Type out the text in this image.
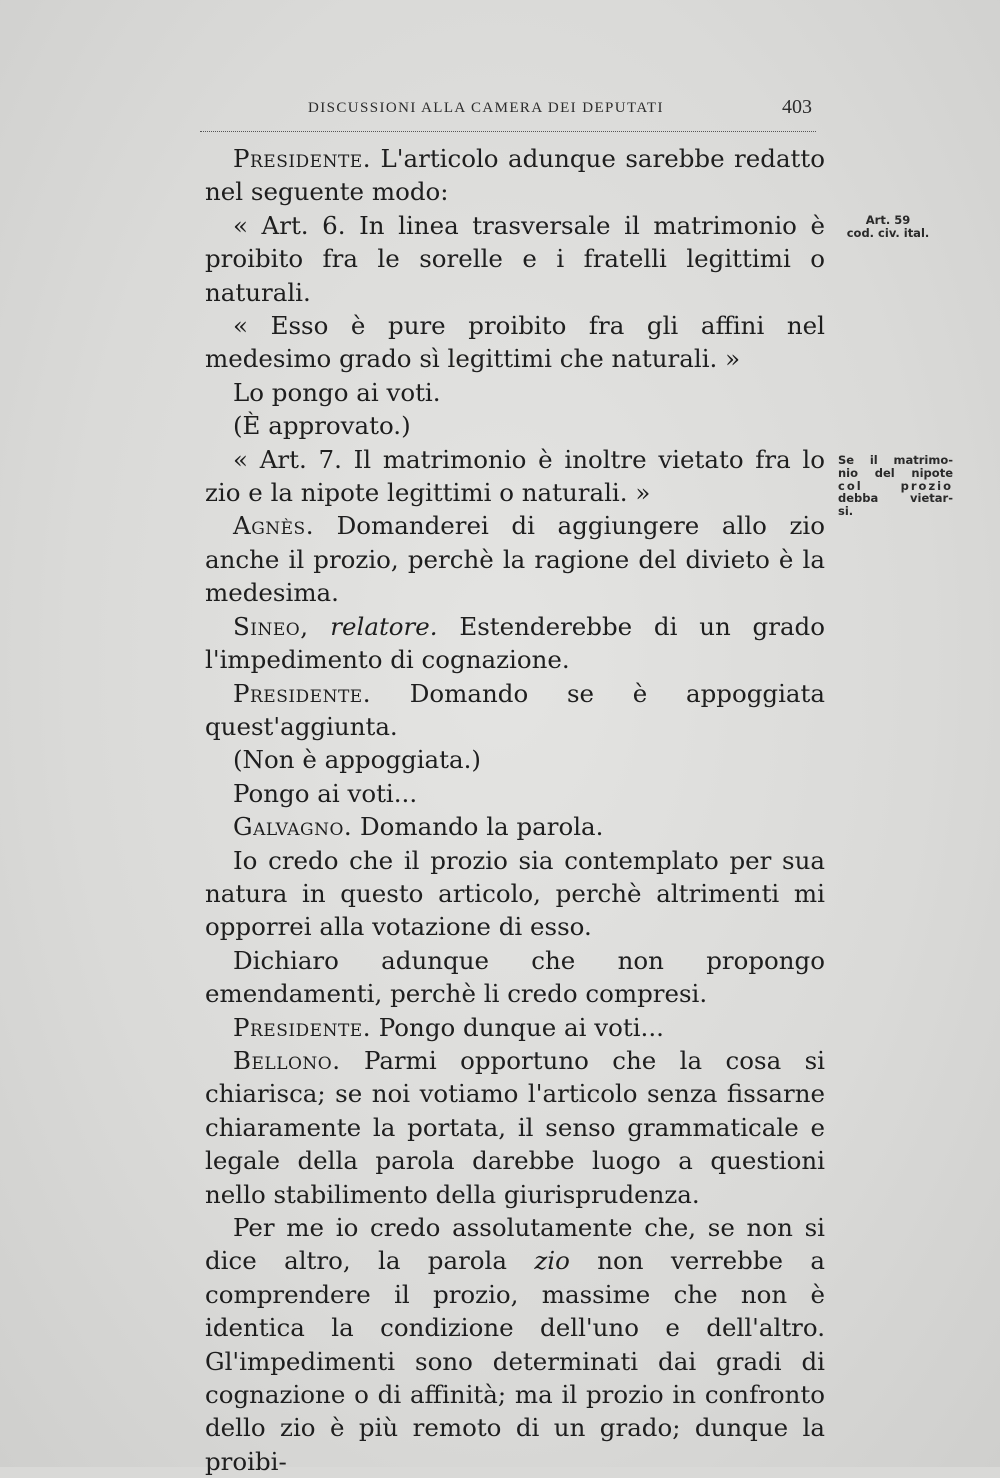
DISCUSSIONI ALLA CAMERA DEI DEPUTATI	403
Art. 59
cod. civ. ital.
Se il matrimo-
nio del nipote
col prozio
debba vietar-
si.

Presidente. L'articolo adunque sarebbe redatto nel seguente modo:

« Art. 6. In linea trasversale il matrimonio è proibito fra le sorelle e i fratelli legittimi o naturali.

« Esso è pure proibito fra gli affini nel medesimo grado sì legittimi che naturali. »

Lo pongo ai voti.

(È approvato.)

« Art. 7. Il matrimonio è inoltre vietato fra lo zio e la nipote legittimi o naturali. »

Agnès. Domanderei di aggiungere allo zio anche il prozio, perchè la ragione del divieto è la medesima.

Sineo, relatore. Estenderebbe di un grado l'impedimento di cognazione.

Presidente. Domando se è appoggiata quest'aggiunta.

(Non è appoggiata.)

Pongo ai voti...

Galvagno. Domando la parola.

Io credo che il prozio sia contemplato per sua natura in questo articolo, perchè altrimenti mi opporrei alla votazione di esso.

Dichiaro adunque che non propongo emendamenti, perchè li credo compresi.

Presidente. Pongo dunque ai voti...

Bellono. Parmi opportuno che la cosa si chiarisca; se noi votiamo l'articolo senza fissarne chiaramente la portata, il senso grammaticale e legale della parola darebbe luogo a questioni nello stabilimento della giurisprudenza.

Per me io credo assolutamente che, se non si dice altro, la parola zio non verrebbe a comprendere il prozio, massime che non è identica la condizione dell'uno e dell'altro. Gl'impedimenti sono determinati dai gradi di cognazione o di affinità; ma il prozio in confronto dello zio è più remoto di un grado; dunque la proibi-
